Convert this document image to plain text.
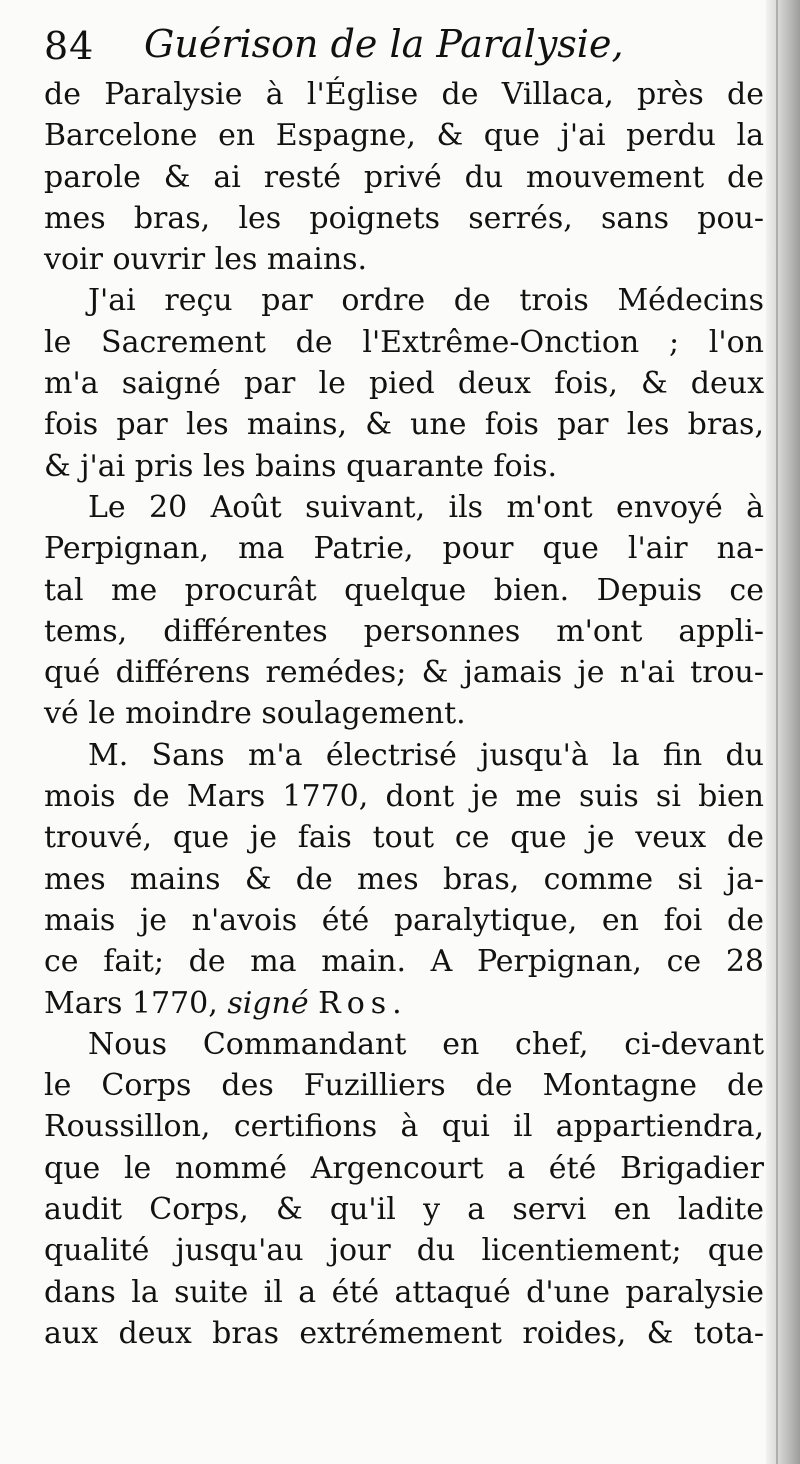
84 Guérison de la Paralysie,
de Paralysie à l'Église de Villaca, près de
Barcelone en Espagne, & que j'ai perdu la
parole & ai resté privé du mouvement de
mes bras, les poignets serrés, sans pou-
voir ouvrir les mains.
J'ai reçu par ordre de trois Médecins
le Sacrement de l'Extrême-Onction ; l'on
m'a saigné par le pied deux fois, & deux
fois par les mains, & une fois par les bras,
& j'ai pris les bains quarante fois.
Le 20 Août suivant, ils m'ont envoyé à
Perpignan, ma Patrie, pour que l'air na-
tal me procurât quelque bien. Depuis ce
tems, différentes personnes m'ont appli-
qué différens remédes; & jamais je n'ai trou-
vé le moindre soulagement.
M. Sans m'a électrisé jusqu'à la fin du
mois de Mars 1770, dont je me suis si bien
trouvé, que je fais tout ce que je veux de
mes mains & de mes bras, comme si ja-
mais je n'avois été paralytique, en foi de
ce fait; de ma main. A Perpignan, ce 28
Mars 1770, signé Ros.
Nous Commandant en chef, ci-devant
le Corps des Fuzilliers de Montagne de
Roussillon, certifions à qui il appartiendra,
que le nommé Argencourt a été Brigadier
audit Corps, & qu'il y a servi en ladite
qualité jusqu'au jour du licentiement; que
dans la suite il a été attaqué d'une paralysie
aux deux bras extrémement roides, & tota-
